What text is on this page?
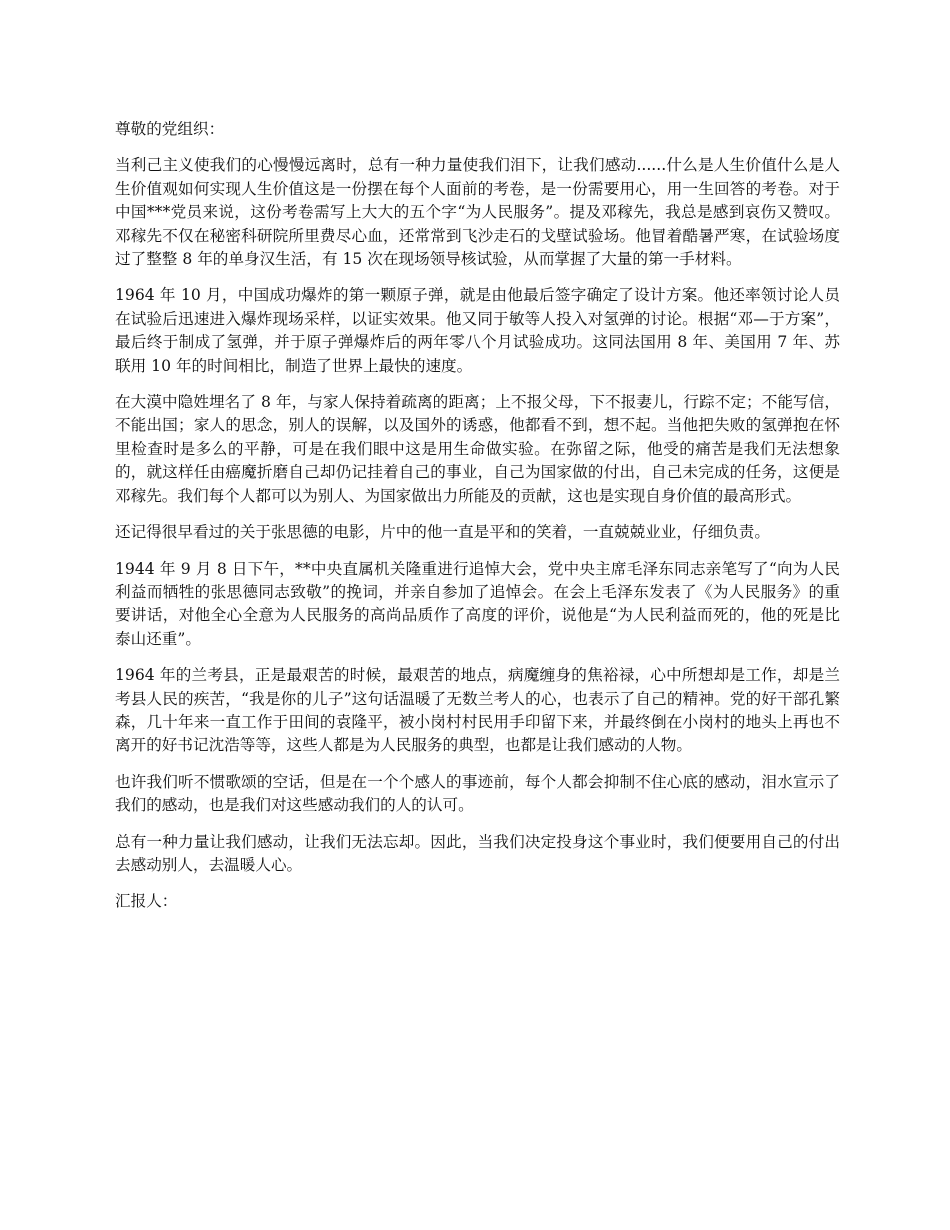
尊敬的党组织：

当利己主义使我们的心慢慢远离时，总有一种力量使我们泪下，让我们感动......什么是人生价值什么是人生价值观如何实现人生价值这是一份摆在每个人面前的考卷，是一份需要用心，用一生回答的考卷。对于中国***党员来说，这份考卷需写上大大的五个字“为人民服务”。提及邓稼先，我总是感到哀伤又赞叹。邓稼先不仅在秘密科研院所里费尽心血，还常常到飞沙走石的戈壁试验场。他冒着酷暑严寒，在试验场度过了整整 8 年的单身汉生活，有 15 次在现场领导核试验，从而掌握了大量的第一手材料。

1964 年 10 月，中国成功爆炸的第一颗原子弹，就是由他最后签字确定了设计方案。他还率领讨论人员在试验后迅速进入爆炸现场采样，以证实效果。他又同于敏等人投入对氢弹的讨论。根据“邓—于方案”，最后终于制成了氢弹，并于原子弹爆炸后的两年零八个月试验成功。这同法国用 8 年、美国用 7 年、苏联用 10 年的时间相比，制造了世界上最快的速度。

在大漠中隐姓埋名了 8 年，与家人保持着疏离的距离；上不报父母，下不报妻儿，行踪不定；不能写信，不能出国；家人的思念，别人的误解，以及国外的诱惑，他都看不到，想不起。当他把失败的氢弹抱在怀里检查时是多么的平静，可是在我们眼中这是用生命做实验。在弥留之际，他受的痛苦是我们无法想象的，就这样任由癌魔折磨自己却仍记挂着自己的事业，自己为国家做的付出，自己未完成的任务，这便是邓稼先。我们每个人都可以为别人、为国家做出力所能及的贡献，这也是实现自身价值的最高形式。

还记得很早看过的关于张思德的电影，片中的他一直是平和的笑着，一直兢兢业业，仔细负责。

1944 年 9 月 8 日下午，**中央直属机关隆重进行追悼大会，党中央主席毛泽东同志亲笔写了“向为人民利益而牺牲的张思德同志致敬”的挽词，并亲自参加了追悼会。在会上毛泽东发表了《为人民服务》的重要讲话，对他全心全意为人民服务的高尚品质作了高度的评价，说他是“为人民利益而死的，他的死是比泰山还重”。

1964 年的兰考县，正是最艰苦的时候，最艰苦的地点，病魔缠身的焦裕禄，心中所想却是工作，却是兰考县人民的疾苦，“我是你的儿子”这句话温暖了无数兰考人的心，也表示了自己的精神。党的好干部孔繁森，几十年来一直工作于田间的袁隆平，被小岗村村民用手印留下来，并最终倒在小岗村的地头上再也不离开的好书记沈浩等等，这些人都是为人民服务的典型，也都是让我们感动的人物。

也许我们听不惯歌颂的空话，但是在一个个感人的事迹前，每个人都会抑制不住心底的感动，泪水宣示了我们的感动，也是我们对这些感动我们的人的认可。

总有一种力量让我们感动，让我们无法忘却。因此，当我们决定投身这个事业时，我们便要用自己的付出去感动别人，去温暖人心。

汇报人：
